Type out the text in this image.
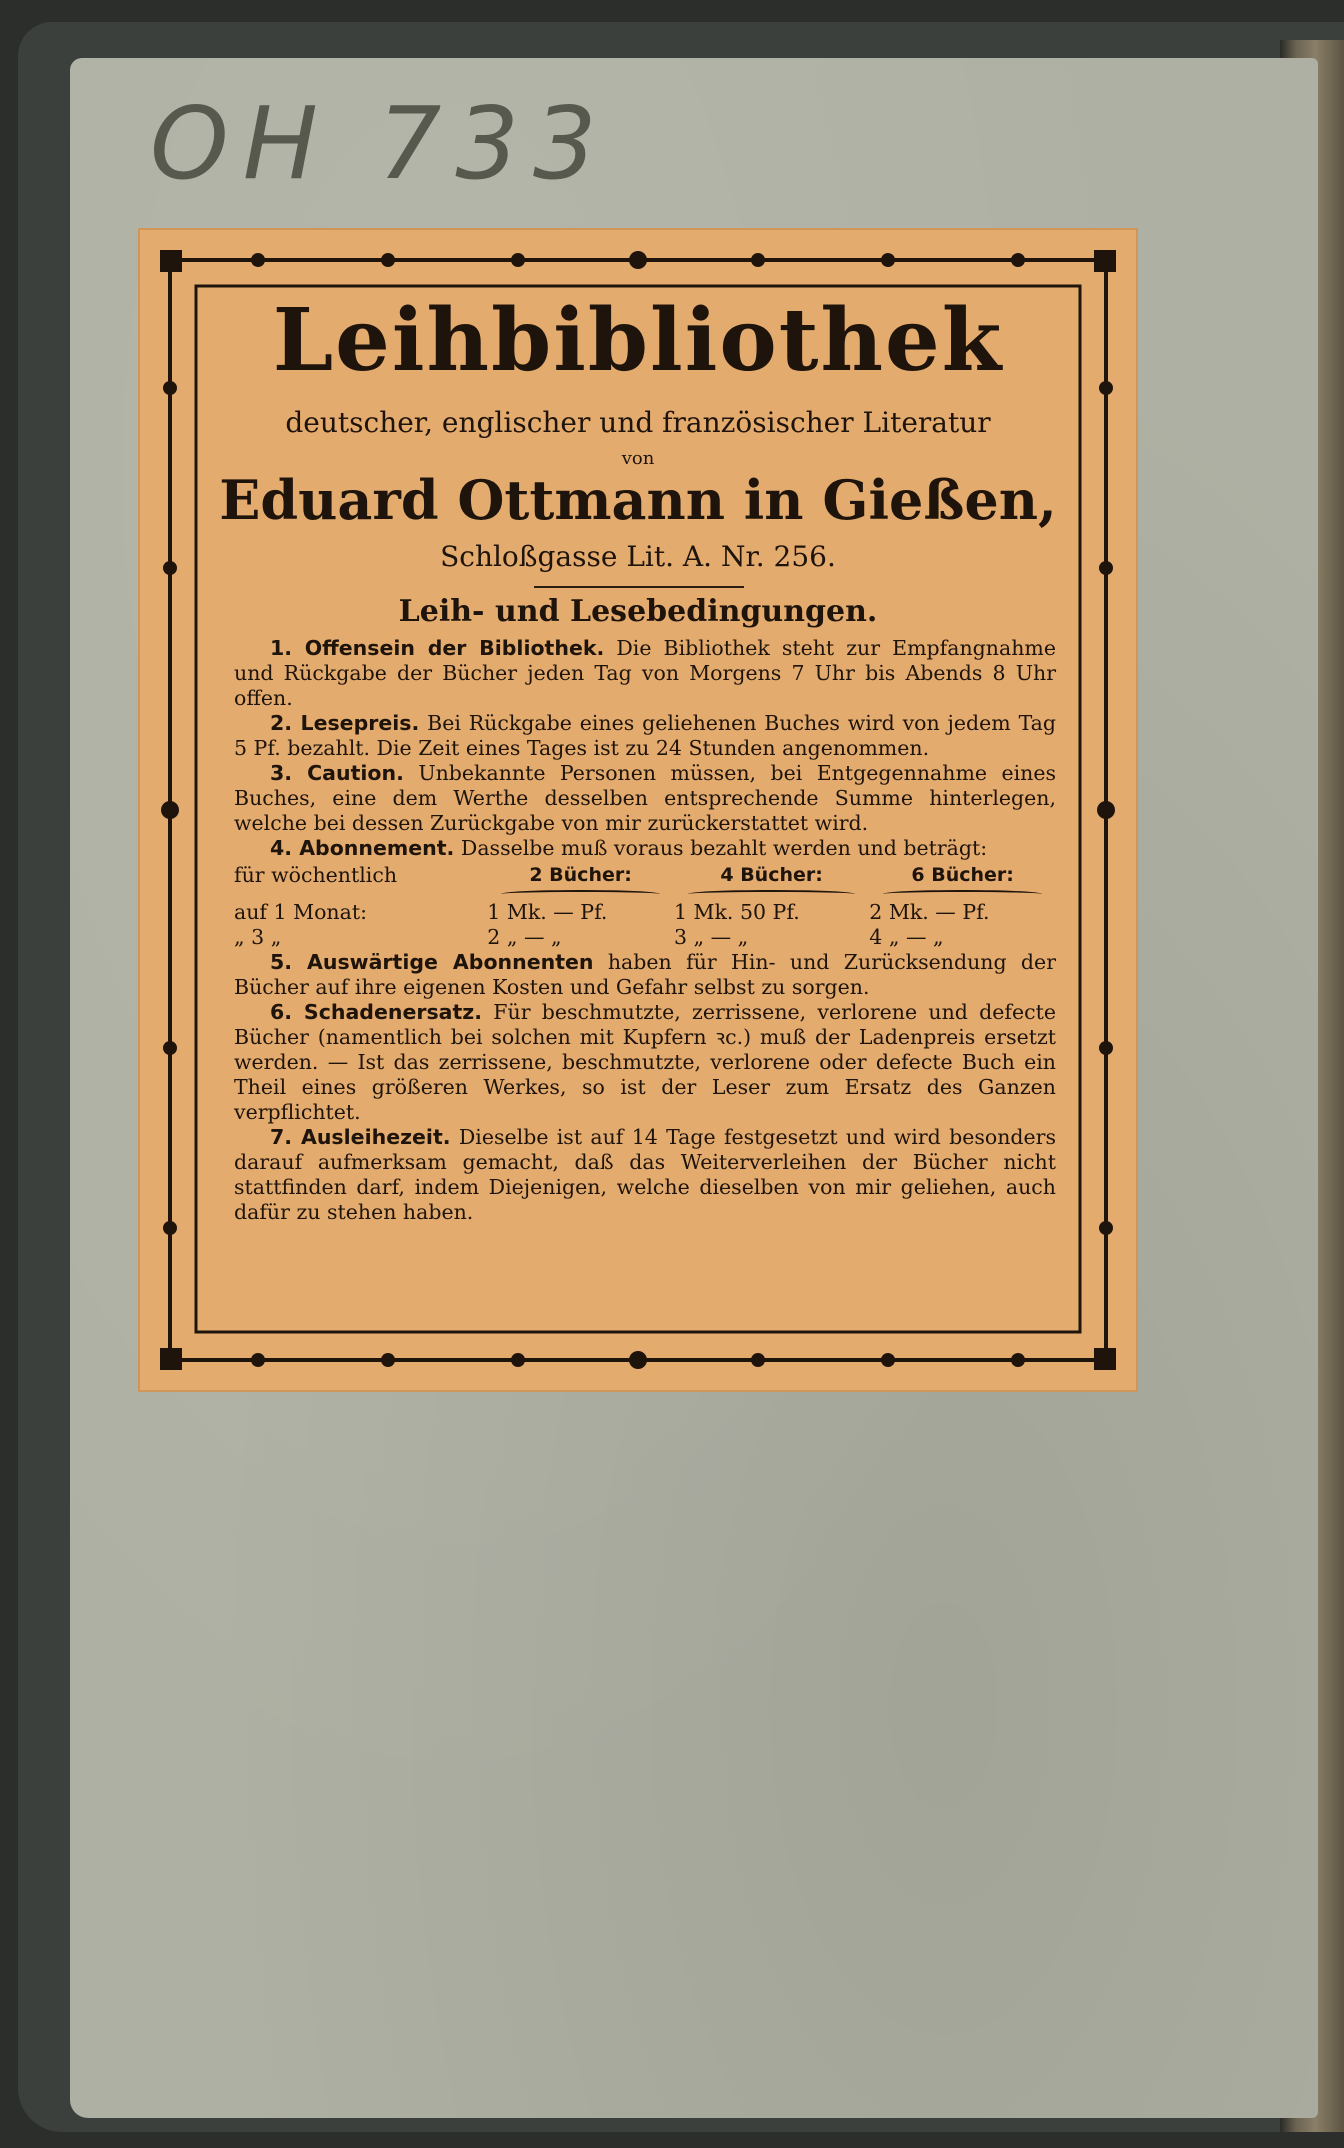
OH 733
Leihbibliothek
deutscher, englischer und französischer Literatur
von
Eduard Ottmann in Gießen,
Schloßgasse Lit. A. Nr. 256.
Leih- und Lesebedingungen.

1. Offensein der Bibliothek. Die Bibliothek steht zur Empfangnahme und Rückgabe der Bücher jeden Tag von Morgens 7 Uhr bis Abends 8 Uhr offen.

2. Lesepreis. Bei Rückgabe eines geliehenen Buches wird von jedem Tag 5 Pf. bezahlt. Die Zeit eines Tages ist zu 24 Stunden angenommen.

3. Caution. Unbekannte Personen müssen, bei Entgegennahme eines Buches, eine dem Werthe desselben entsprechende Summe hinterlegen, welche bei dessen Zurückgabe von mir zurückerstattet wird.

4. Abonnement. Dasselbe muß voraus bezahlt werden und beträgt:

für wöchentlich	2 Bücher:	4 Bücher:	6 Bücher:

auf 1 Monat:	1 Mk. — Pf.	1 Mk. 50 Pf.	2 Mk. — Pf.
„ 3 „	2 „ — „	3 „ — „	4 „ — „

5. Auswärtige Abonnenten haben für Hin- und Zurücksendung der Bücher auf ihre eigenen Kosten und Gefahr selbst zu sorgen.

6. Schadenersatz. Für beschmutzte, zerrissene, verlorene und defecte Bücher (namentlich bei solchen mit Kupfern ꝛc.) muß der Ladenpreis ersetzt werden. — Ist das zerrissene, beschmutzte, verlorene oder defecte Buch ein Theil eines größeren Werkes, so ist der Leser zum Ersatz des Ganzen verpflichtet.

7. Ausleihezeit. Dieselbe ist auf 14 Tage festgesetzt und wird besonders darauf aufmerksam gemacht, daß das Weiterverleihen der Bücher nicht stattfinden darf, indem Diejenigen, welche dieselben von mir geliehen, auch dafür zu stehen haben.
